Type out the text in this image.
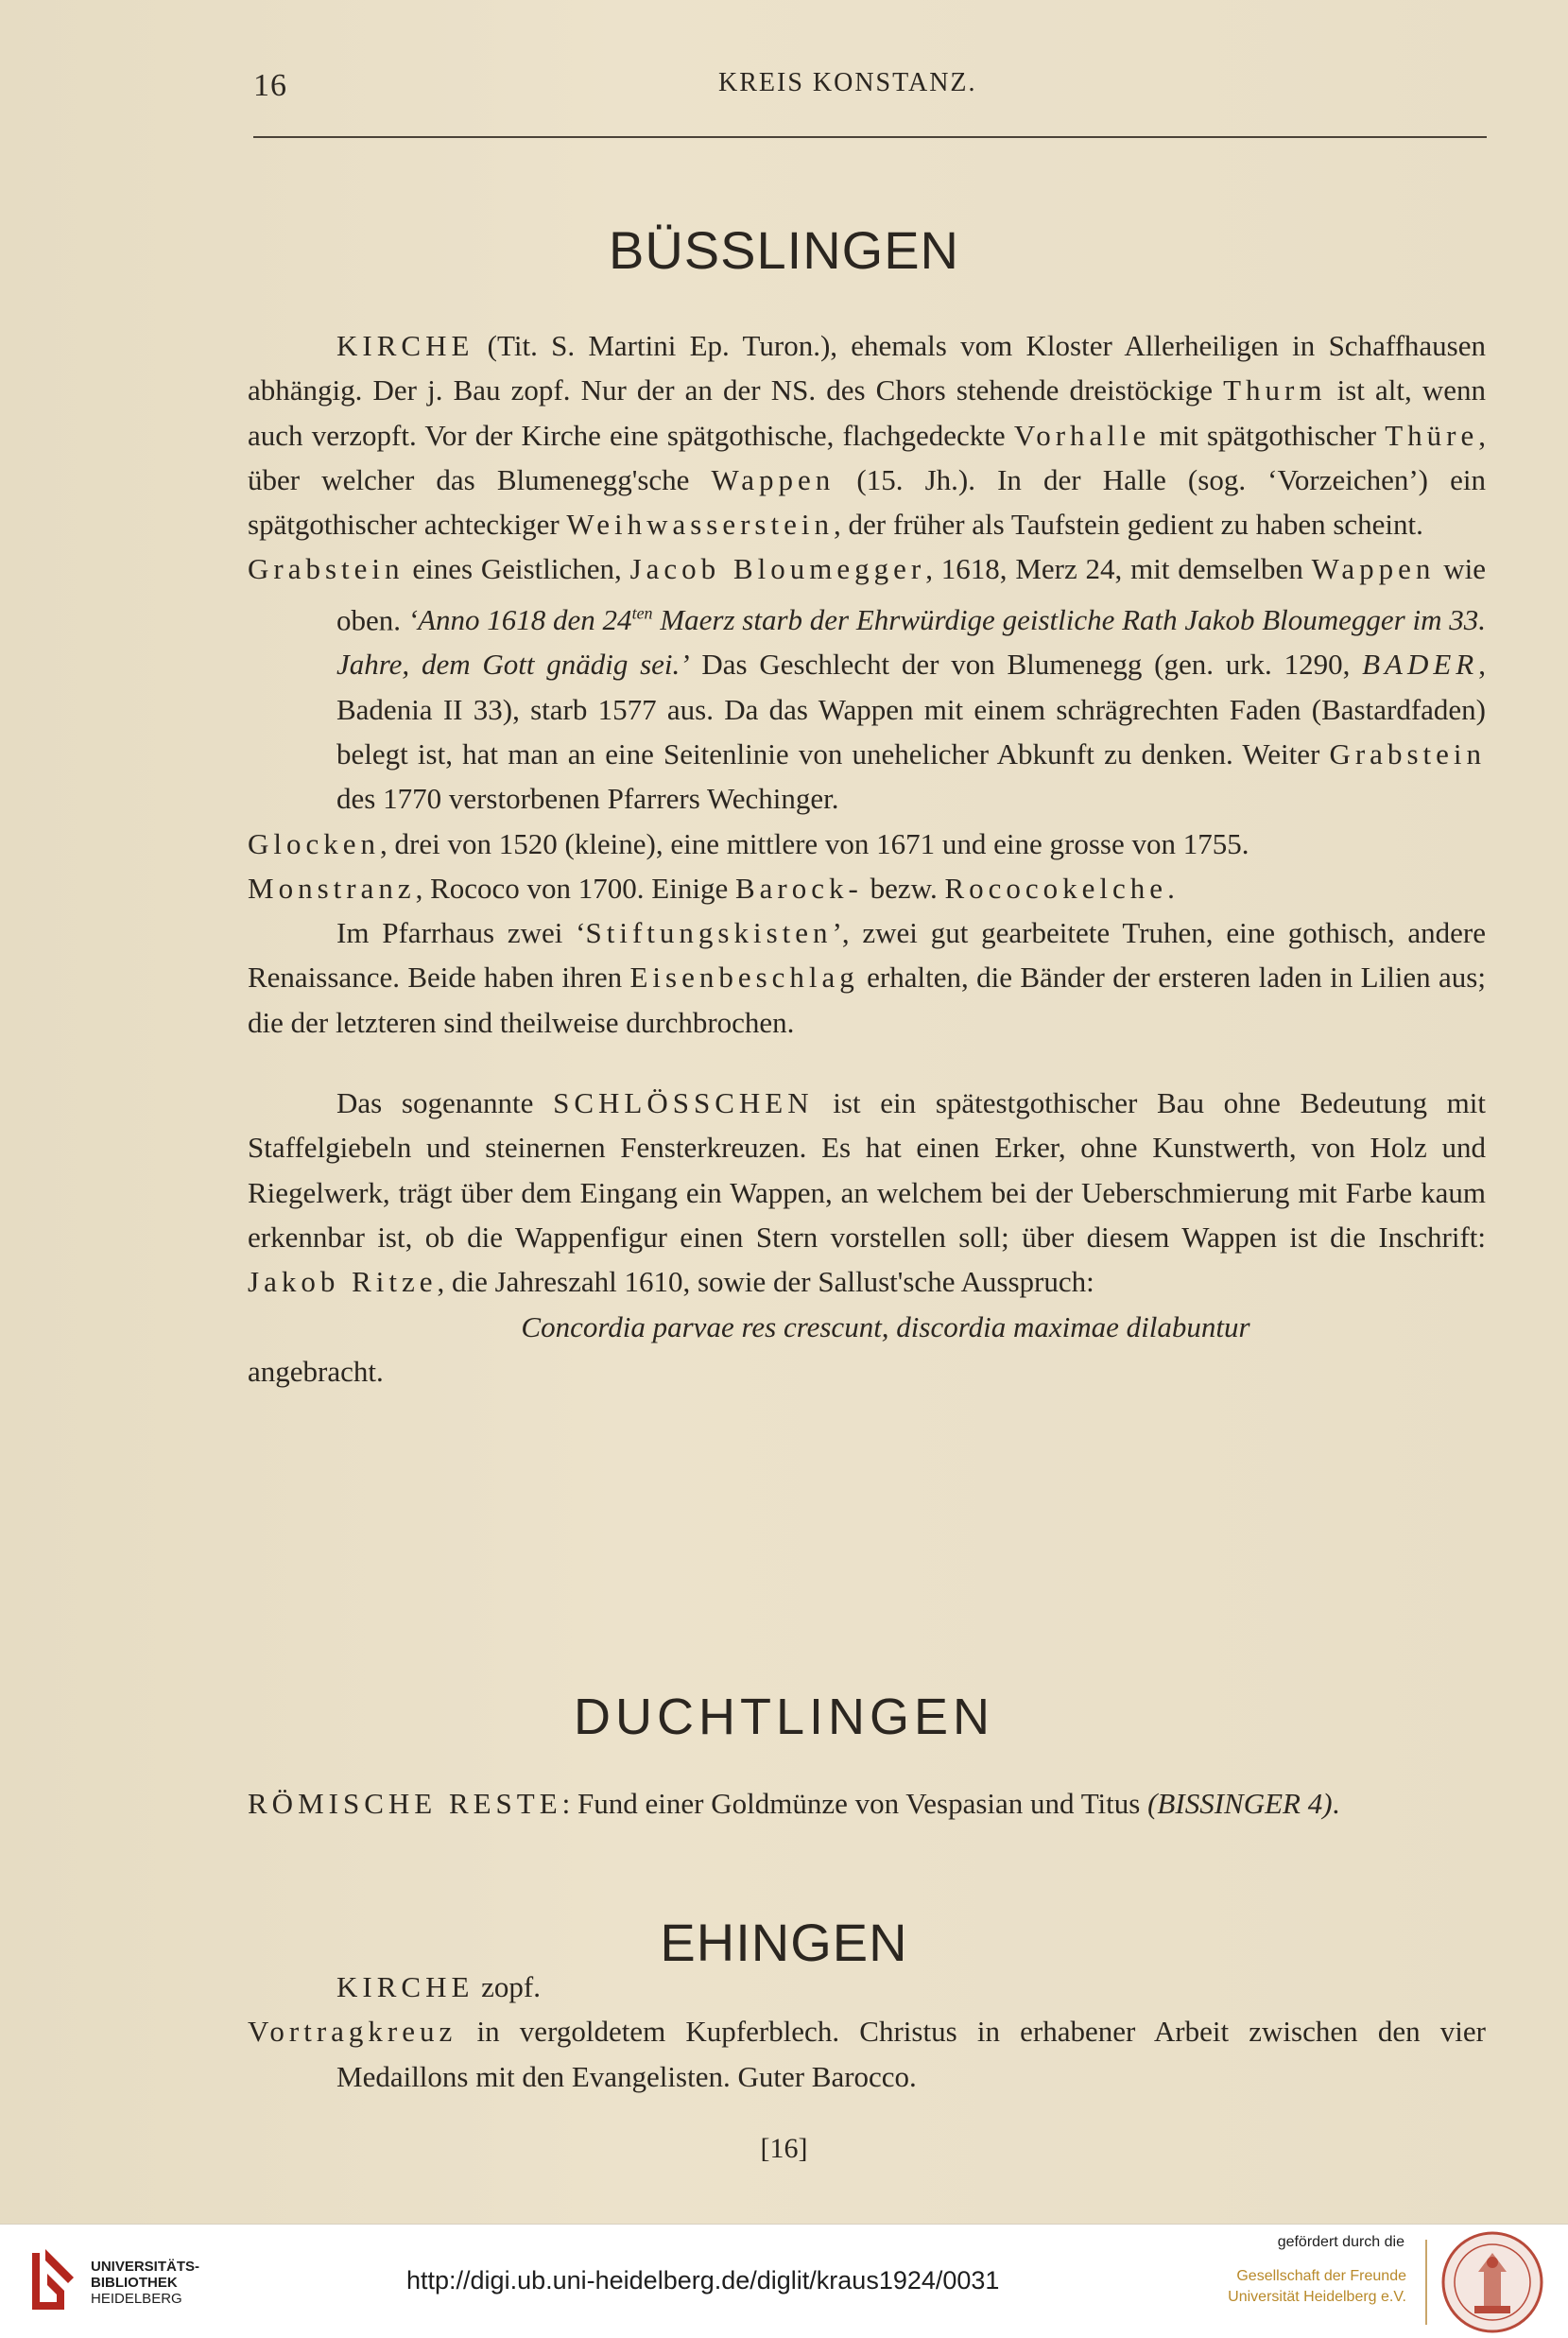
16	KREIS KONSTANZ.
BÜSSLINGEN

KIRCHE (Tit. S. Martini Ep. Turon.), ehemals vom Kloster Allerheiligen in Schaffhausen abhängig. Der j. Bau zopf. Nur der an der NS. des Chors stehende dreistöckige Thurm ist alt, wenn auch verzopft. Vor der Kirche eine spätgothische, flachgedeckte Vorhalle mit spätgothischer Thüre, über welcher das Blumenegg'sche Wappen (15. Jh.). In der Halle (sog. ‘Vorzeichen’) ein spätgothischer achteckiger Weihwasserstein, der früher als Taufstein gedient zu haben scheint.

Grabstein eines Geistlichen, Jacob Bloumegger, 1618, Merz 24, mit demselben Wappen wie oben. ‘Anno 1618 den $24^{ten}$ Maerz starb der Ehrwürdige geistliche Rath Jakob Bloumegger im 33. Jahre, dem Gott gnädig sei.’ Das Geschlecht der von Blumenegg (gen. urk. 1290, BADER, Badenia II 33), starb 1577 aus. Da das Wappen mit einem schrägrechten Faden (Bastardfaden) belegt ist, hat man an eine Seitenlinie von unehelicher Abkunft zu denken. Weiter Grabstein des 1770 verstorbenen Pfarrers Wechinger.

Glocken, drei von 1520 (kleine), eine mittlere von 1671 und eine grosse von 1755.

Monstranz, Rococo von 1700. Einige Barock- bezw. Rococokelche.

Im Pfarrhaus zwei ‘Stiftungskisten’, zwei gut gearbeitete Truhen, eine gothisch, andere Renaissance. Beide haben ihren Eisenbeschlag erhalten, die Bänder der ersteren laden in Lilien aus; die der letzteren sind theilweise durchbrochen.

Das sogenannte SCHLÖSSCHEN ist ein spätestgothischer Bau ohne Bedeutung mit Staffelgiebeln und steinernen Fensterkreuzen. Es hat einen Erker, ohne Kunstwerth, von Holz und Riegelwerk, trägt über dem Eingang ein Wappen, an welchem bei der Ueberschmierung mit Farbe kaum erkennbar ist, ob die Wappenfigur einen Stern vorstellen soll; über diesem Wappen ist die Inschrift: Jakob Ritze, die Jahreszahl 1610, sowie der Sallust'sche Ausspruch:

Concordia parvae res crescunt, discordia maximae dilabuntur

angebracht.

DUCHTLINGEN

RÖMISCHE RESTE: Fund einer Goldmünze von Vespasian und Titus (BISSINGER 4).

EHINGEN

KIRCHE zopf.

Vortragkreuz in vergoldetem Kupferblech. Christus in erhabener Arbeit zwischen den vier Medaillons mit den Evangelisten. Guter Barocco.

[16]
UNIVERSITÄTS-
BIBLIOTHEK
HEIDELBERG
http://digi.ub.uni-heidelberg.de/diglit/kraus1924/0031
gefördert durch die
Gesellschaft der Freunde
Universität Heidelberg e.V.
